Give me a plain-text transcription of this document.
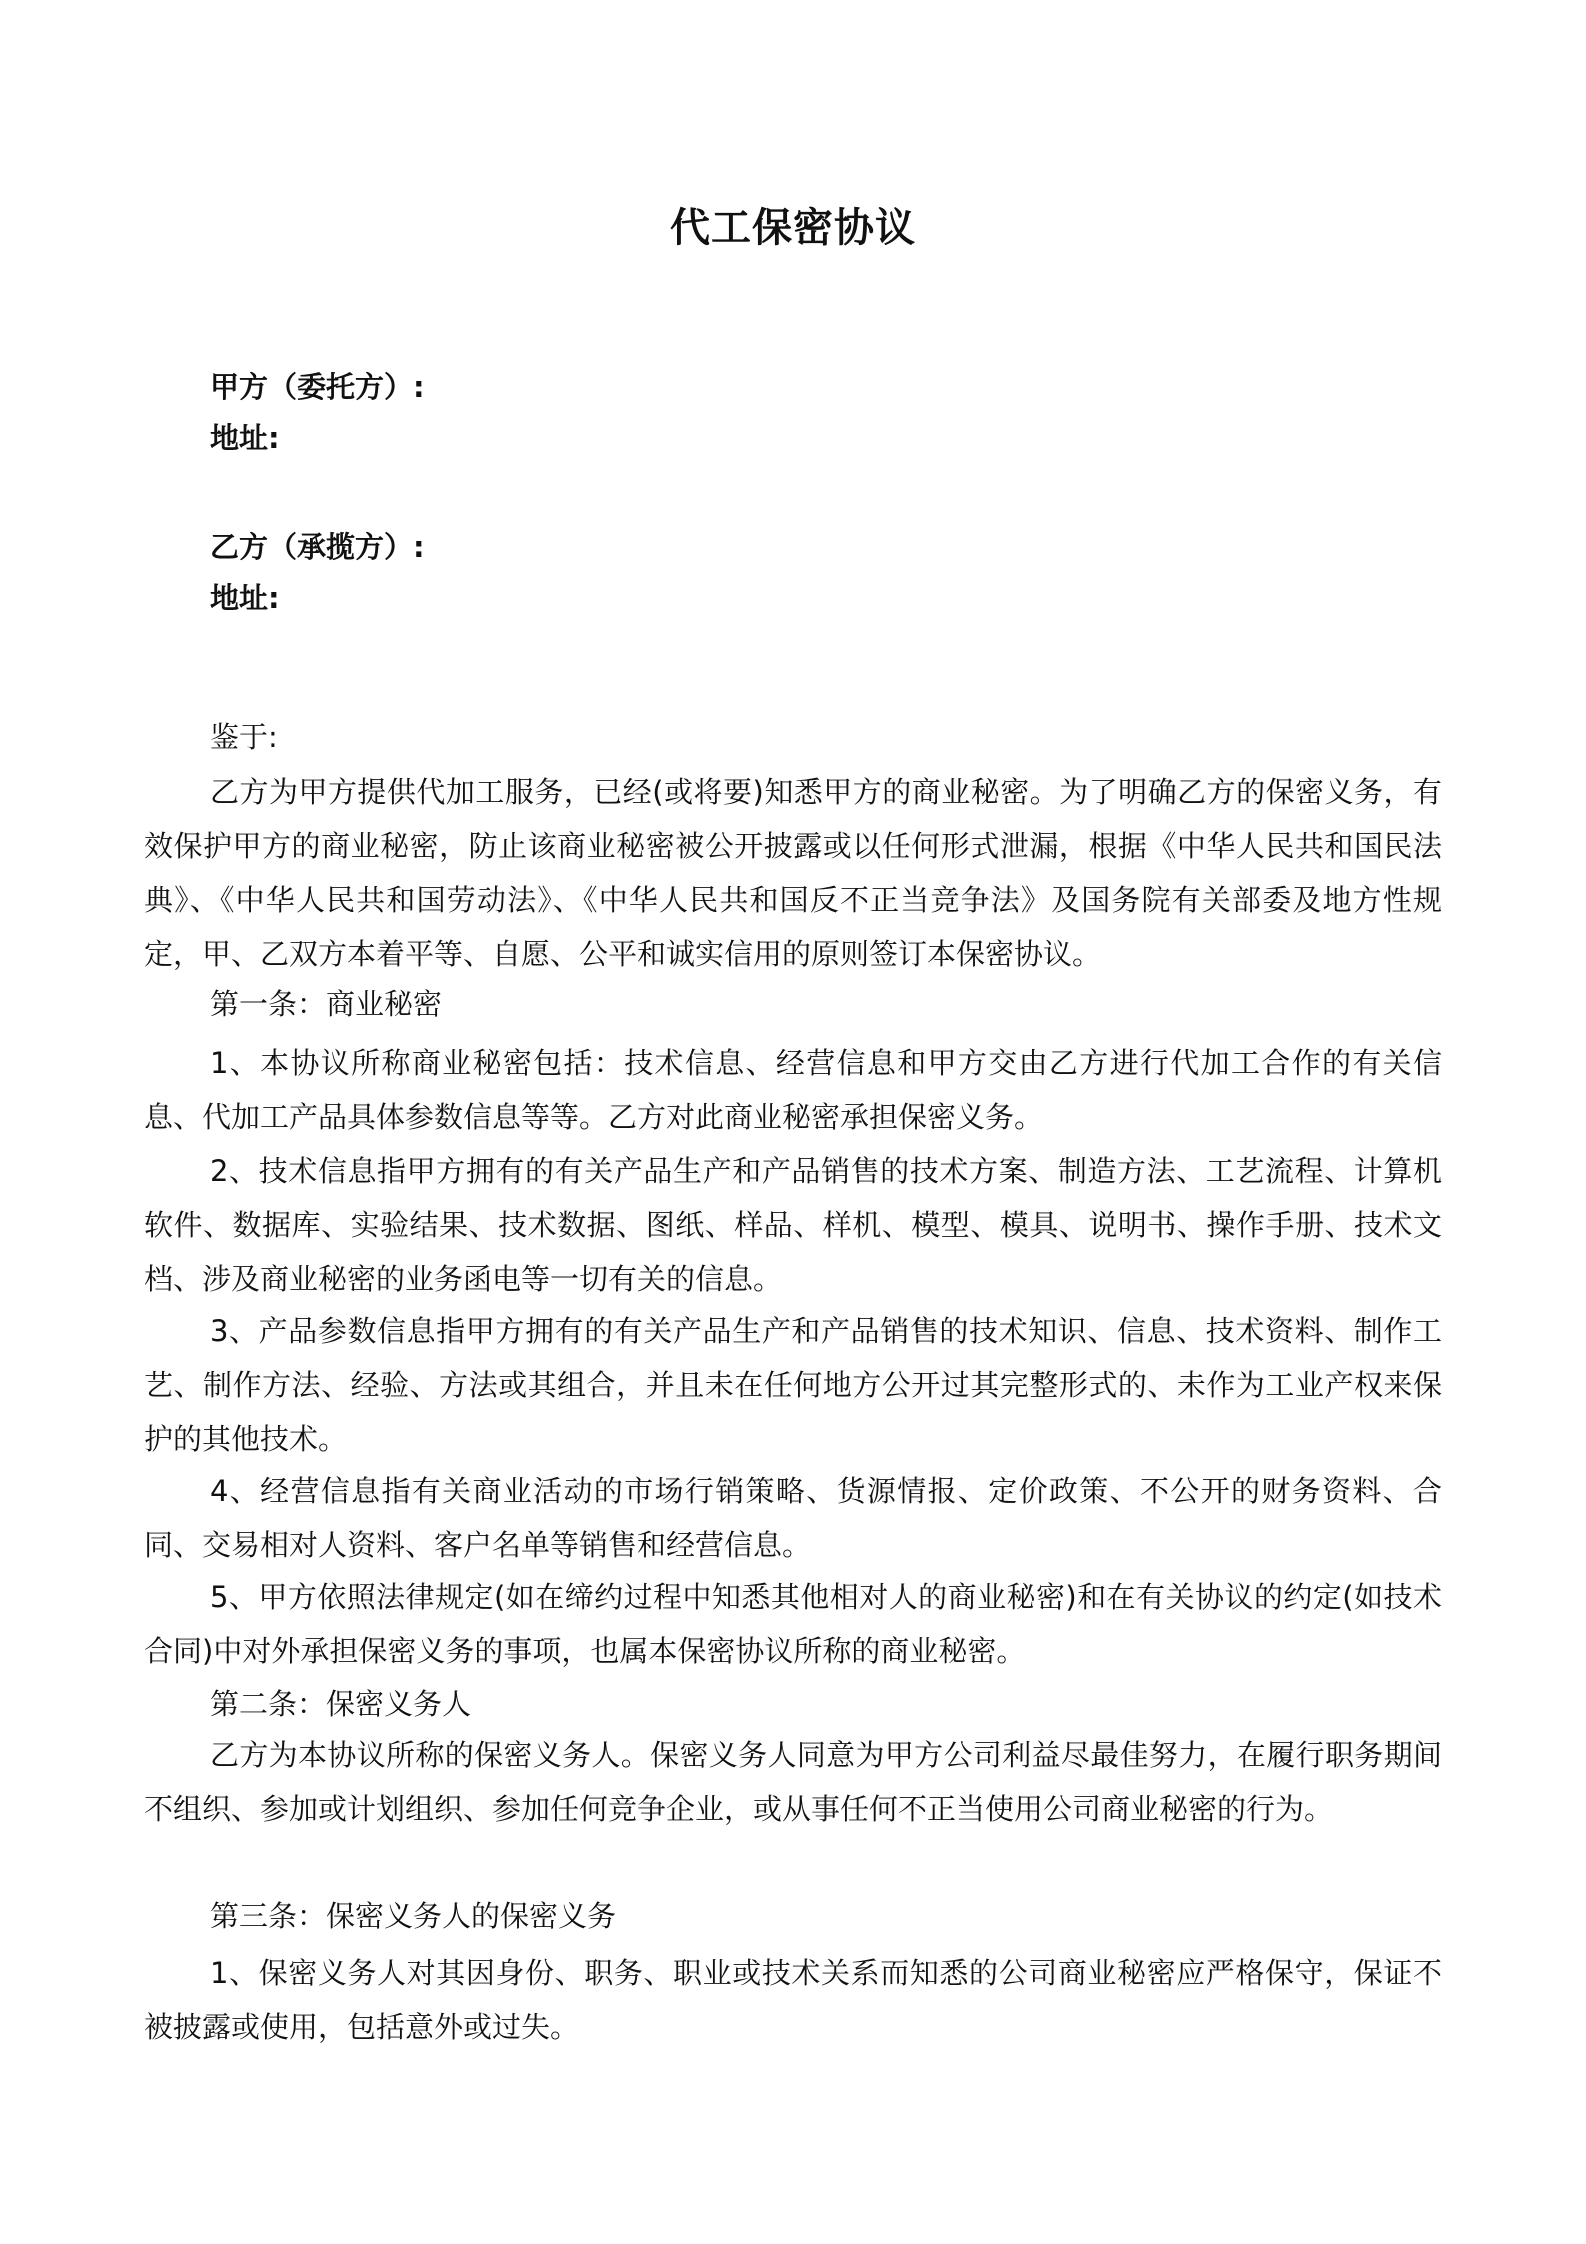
代工保密协议
甲方（委托方）:
地址:
乙方（承揽方）:
地址:
鉴于:

乙方为甲方提供代加工服务，已经(或将要)知悉甲方的商业秘密。为了明确乙方的保密义务，有效保护甲方的商业秘密，防止该商业秘密被公开披露或以任何形式泄漏，根据《中华人民共和国民法典》、《中华人民共和国劳动法》、《中华人民共和国反不正当竞争法》及国务院有关部委及地方性规定，甲、乙双方本着平等、自愿、公平和诚实信用的原则签订本保密协议。

第一条：商业秘密

1、本协议所称商业秘密包括：技术信息、经营信息和甲方交由乙方进行代加工合作的有关信息、代加工产品具体参数信息等等。乙方对此商业秘密承担保密义务。

2、技术信息指甲方拥有的有关产品生产和产品销售的技术方案、制造方法、工艺流程、计算机软件、数据库、实验结果、技术数据、图纸、样品、样机、模型、模具、说明书、操作手册、技术文档、涉及商业秘密的业务函电等一切有关的信息。

3、产品参数信息指甲方拥有的有关产品生产和产品销售的技术知识、信息、技术资料、制作工艺、制作方法、经验、方法或其组合，并且未在任何地方公开过其完整形式的、未作为工业产权来保护的其他技术。

4、经营信息指有关商业活动的市场行销策略、货源情报、定价政策、不公开的财务资料、合同、交易相对人资料、客户名单等销售和经营信息。

5、甲方依照法律规定(如在缔约过程中知悉其他相对人的商业秘密)和在有关协议的约定(如技术合同)中对外承担保密义务的事项，也属本保密协议所称的商业秘密。

第二条：保密义务人

乙方为本协议所称的保密义务人。保密义务人同意为甲方公司利益尽最佳努力，在履行职务期间不组织、参加或计划组织、参加任何竞争企业，或从事任何不正当使用公司商业秘密的行为。

第三条：保密义务人的保密义务

1、保密义务人对其因身份、职务、职业或技术关系而知悉的公司商业秘密应严格保守，保证不被披露或使用，包括意外或过失。
